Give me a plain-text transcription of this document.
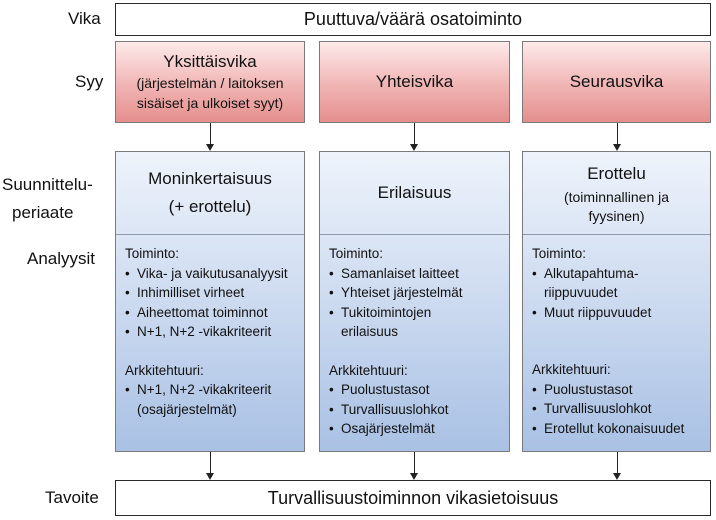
Vika
Syy
Suunnittelu-
periaate
Analyysit
Tavoite
Puuttuva/väärä osatoiminto
Yksittäisvika
(järjestelmän / laitoksen
sisäiset ja ulkoiset syyt)
Yhteisvika	Seurausvika
Moninkertaisuus
(+ erottelu)
Toiminto:
• Vika- ja vaikutusanalyysit
• Inhimilliset virheet
• Aiheettomat toiminnot
• N+1, N+2 -vikakriteerit
Arkkitehtuuri:
• N+1, N+2 -vikakriteerit
(osajärjestelmät)
Erilaisuus
Toiminto:
• Samanlaiset laitteet
• Yhteiset järjestelmät
• Tukitoimintojen
erilaisuus
Arkkitehtuuri:
• Puolustustasot
• Turvallisuuslohkot
• Osajärjestelmät
Erottelu
(toiminnallinen ja
fyysinen)
Toiminto:
• Alkutapahtuma-
riippuvuudet
• Muut riippuvuudet
Arkkitehtuuri:
• Puolustustasot
• Turvallisuuslohkot
• Erotellut kokonaisuudet
Turvallisuustoiminnon vikasietoisuus
